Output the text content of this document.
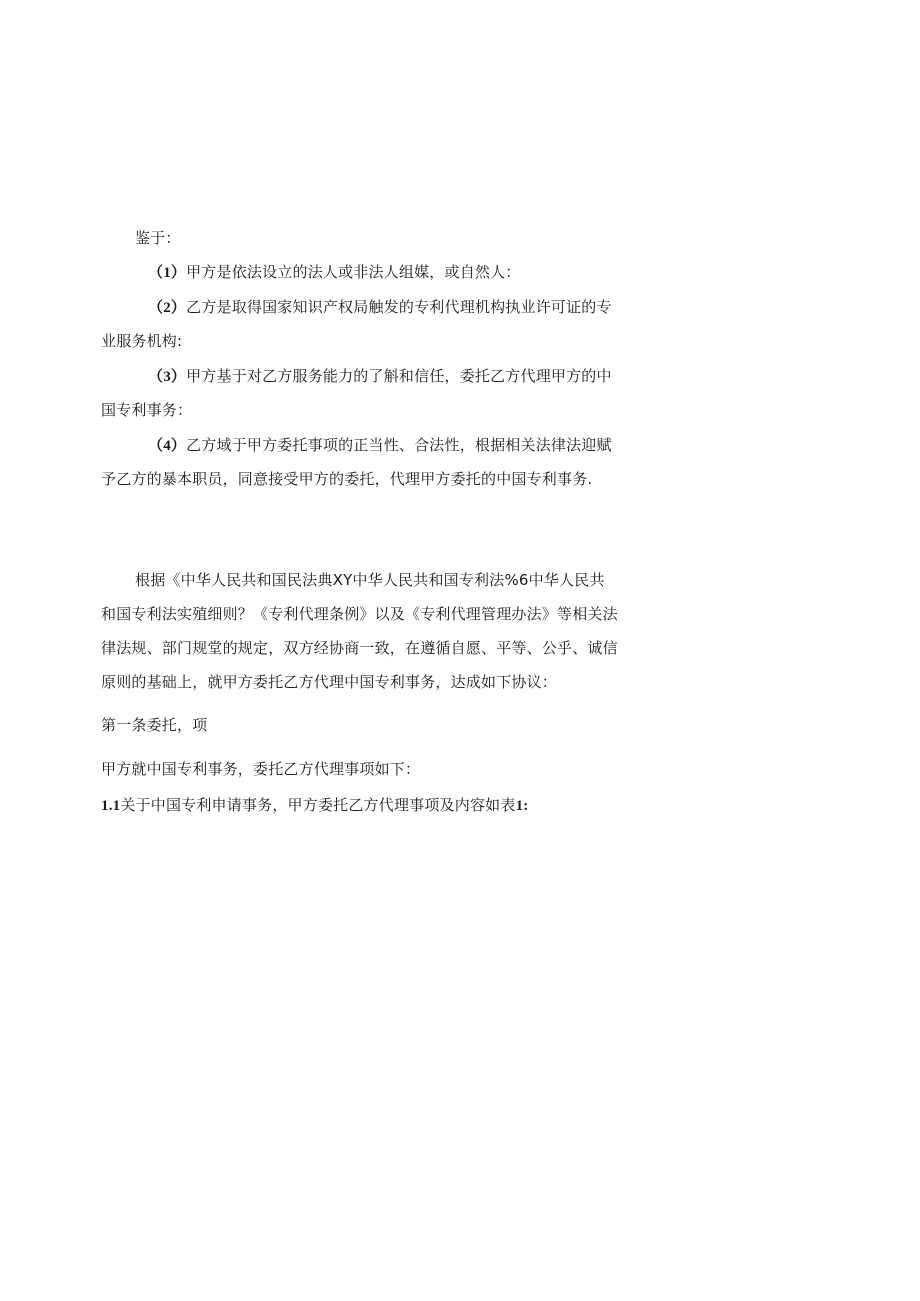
鉴于：
（1）甲方是依法设立的法人或非法人组媒，或自然人：
（2）乙方是取得国家知识产权局触发的专利代理机构执业许可证的专
业服务机构:
（3）甲方基于对乙方服务能力的了斛和信任，委托乙方代理甲方的中
国专利事务：
（4）乙方域于甲方委托事项的正当性、合法性，根据相关法律法迎赋
予乙方的暴本职员，同意接受甲方的委托，代理甲方委托的中国专利事务.
根据《中华人民共和国民法典XY中华人民共和国专利法%6中华人民共
和国专利法实殖细则？《专利代理条例》以及《专利代理管理办法》等相关法
律法规、部门规堂的规定，双方经协商一致，在遵循自愿、平等、公乎、诚信
原则的基础上，就甲方委托乙方代理中国专利事务，达成如下协议：
第一条委托，项
甲方就中国专利事务，委托乙方代理事项如下：
1.1关于中国专利申请事务，甲方委托乙方代理事项及内容如表1:
